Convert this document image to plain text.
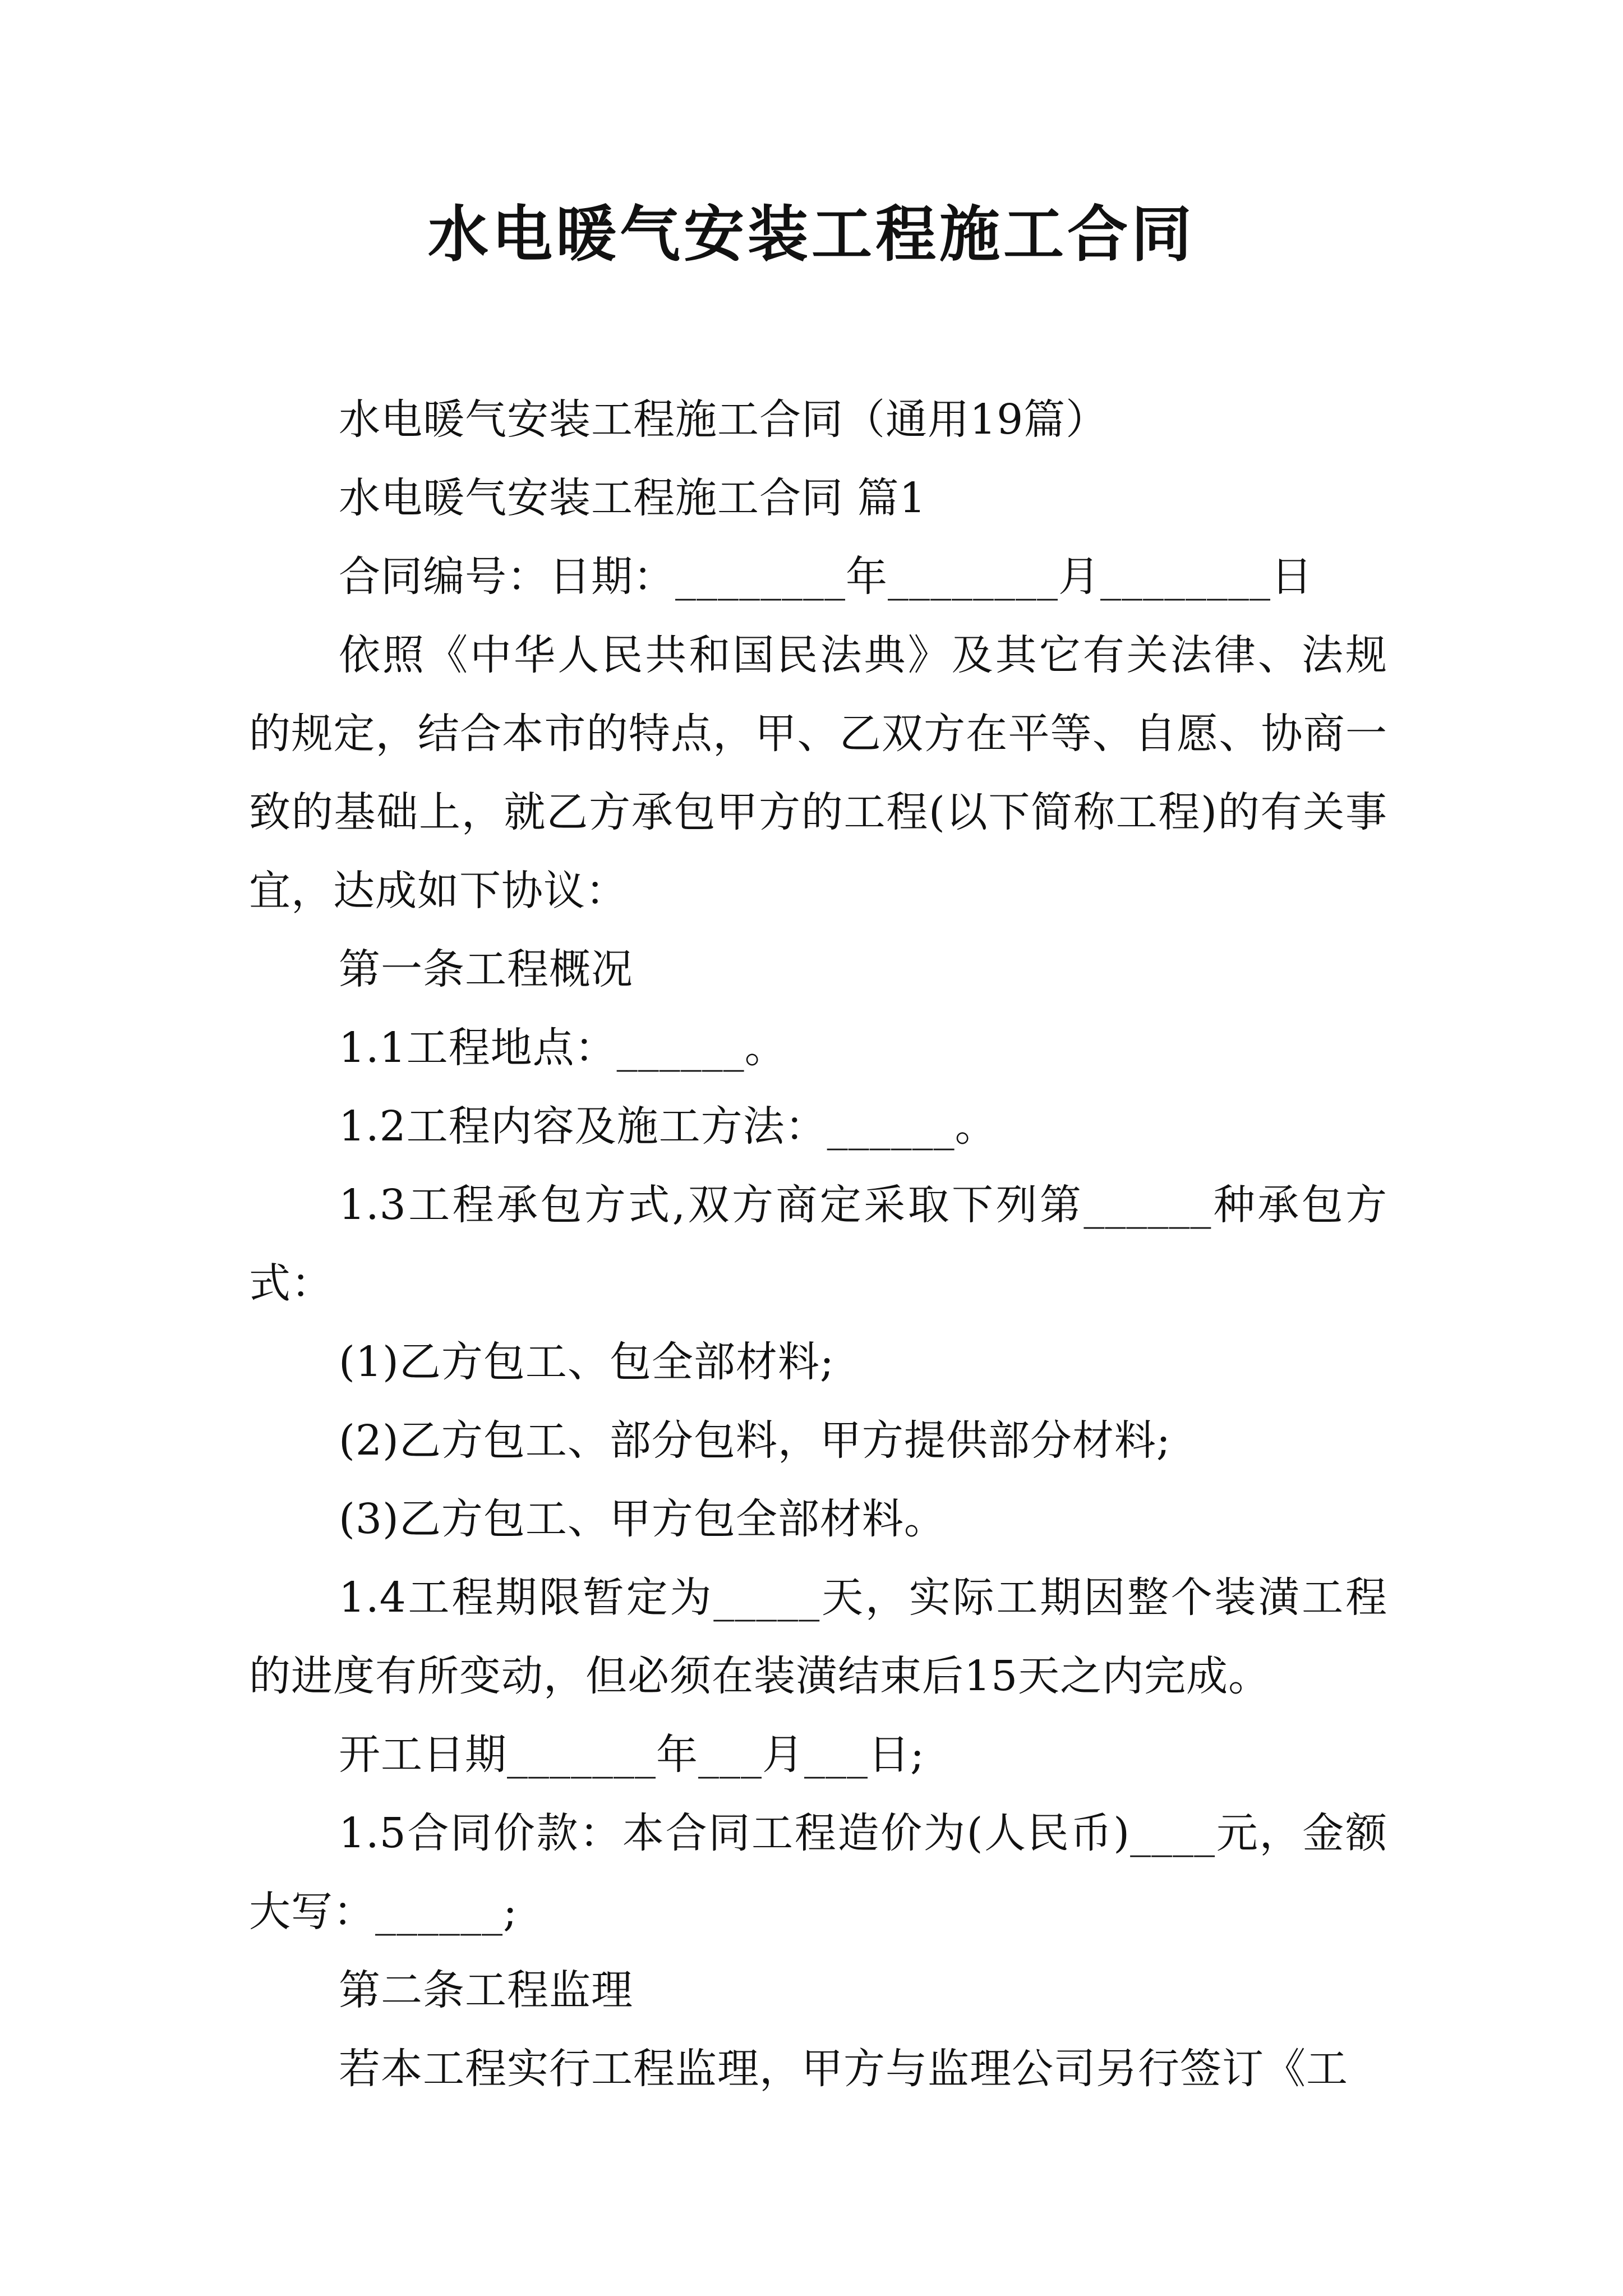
水电暖气安装工程施工合同

水电暖气安装工程施工合同（通用19篇）

水电暖气安装工程施工合同 篇1

合同编号：日期：________年________月________日

依照《中华人民共和国民法典》及其它有关法律、法规的规定，结合本市的特点，甲、乙双方在平等、自愿、协商一致的基础上，就乙方承包甲方的工程(以下简称工程)的有关事宜，达成如下协议：

第一条工程概况

1.1工程地点：______。

1.2工程内容及施工方法：______。

1.3工程承包方式,双方商定采取下列第______种承包方式：

(1)乙方包工、包全部材料;

(2)乙方包工、部分包料，甲方提供部分材料;

(3)乙方包工、甲方包全部材料。

1.4工程期限暂定为_____天，实际工期因整个装潢工程的进度有所变动，但必须在装潢结束后15天之内完成。

开工日期_______年___月___日;

1.5合同价款：本合同工程造价为(人民币)____元，金额大写：______;

第二条工程监理

若本工程实行工程监理，甲方与监理公司另行签订《工
